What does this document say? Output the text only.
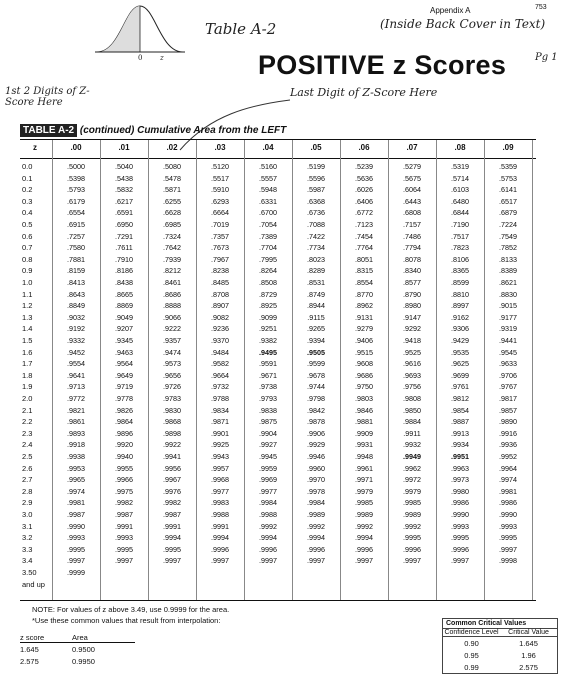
0	z
Appendix A	753
Table A-2	(Inside Back Cover in Text)
POSITIVE z Scores	Pg 1
Last Digit of Z-Score Here
1st 2 Digits of Z-Score Here
TABLE A-2 (continued) Cumulative Area from the LEFT
z	.00	.01	.02	.03	.04	.05	.06	.07	.08	.09
0.0	.5000	.5040	.5080	.5120	.5160	.5199	.5239	.5279	.5319	.5359
0.1	.5398	.5438	.5478	.5517	.5557	.5596	.5636	.5675	.5714	.5753
0.2	.5793	.5832	.5871	.5910	.5948	.5987	.6026	.6064	.6103	.6141
0.3	.6179	.6217	.6255	.6293	.6331	.6368	.6406	.6443	.6480	.6517
0.4	.6554	.6591	.6628	.6664	.6700	.6736	.6772	.6808	.6844	.6879
0.5	.6915	.6950	.6985	.7019	.7054	.7088	.7123	.7157	.7190	.7224
0.6	.7257	.7291	.7324	.7357	.7389	.7422	.7454	.7486	.7517	.7549
0.7	.7580	.7611	.7642	.7673	.7704	.7734	.7764	.7794	.7823	.7852
0.8	.7881	.7910	.7939	.7967	.7995	.8023	.8051	.8078	.8106	.8133
0.9	.8159	.8186	.8212	.8238	.8264	.8289	.8315	.8340	.8365	.8389
1.0	.8413	.8438	.8461	.8485	.8508	.8531	.8554	.8577	.8599	.8621
1.1	.8643	.8665	.8686	.8708	.8729	.8749	.8770	.8790	.8810	.8830
1.2	.8849	.8869	.8888	.8907	.8925	.8944	.8962	.8980	.8997	.9015
1.3	.9032	.9049	.9066	.9082	.9099	.9115	.9131	.9147	.9162	.9177
1.4	.9192	.9207	.9222	.9236	.9251	.9265	.9279	.9292	.9306	.9319
1.5	.9332	.9345	.9357	.9370	.9382	.9394	.9406	.9418	.9429	.9441
1.6	.9452	.9463	.9474	.9484	.9495	.9505	.9515	.9525	.9535	.9545
1.7	.9554	.9564	.9573	.9582	.9591	.9599	.9608	.9616	.9625	.9633
1.8	.9641	.9649	.9656	.9664	.9671	.9678	.9686	.9693	.9699	.9706
1.9	.9713	.9719	.9726	.9732	.9738	.9744	.9750	.9756	.9761	.9767
2.0	.9772	.9778	.9783	.9788	.9793	.9798	.9803	.9808	.9812	.9817
2.1	.9821	.9826	.9830	.9834	.9838	.9842	.9846	.9850	.9854	.9857
2.2	.9861	.9864	.9868	.9871	.9875	.9878	.9881	.9884	.9887	.9890
2.3	.9893	.9896	.9898	.9901	.9904	.9906	.9909	.9911	.9913	.9916
2.4	.9918	.9920	.9922	.9925	.9927	.9929	.9931	.9932	.9934	.9936
2.5	.9938	.9940	.9941	.9943	.9945	.9946	.9948	.9949	.9951	.9952
2.6	.9953	.9955	.9956	.9957	.9959	.9960	.9961	.9962	.9963	.9964
2.7	.9965	.9966	.9967	.9968	.9969	.9970	.9971	.9972	.9973	.9974
2.8	.9974	.9975	.9976	.9977	.9977	.9978	.9979	.9979	.9980	.9981
2.9	.9981	.9982	.9982	.9983	.9984	.9984	.9985	.9985	.9986	.9986
3.0	.9987	.9987	.9987	.9988	.9988	.9989	.9989	.9989	.9990	.9990
3.1	.9990	.9991	.9991	.9991	.9992	.9992	.9992	.9992	.9993	.9993
3.2	.9993	.9993	.9994	.9994	.9994	.9994	.9994	.9995	.9995	.9995
3.3	.9995	.9995	.9995	.9996	.9996	.9996	.9996	.9996	.9996	.9997
3.4	.9997	.9997	.9997	.9997	.9997	.9997	.9997	.9997	.9997	.9998
3.50	.9999
and up
NOTE: For values of z above 3.49, use 0.9999 for the area.
*Use these common values that result from interpolation:
z score	Area
1.645	0.9500
2.575	0.9950
Common Critical Values
Confidence Level	Critical Value
0.90	1.645
0.95	1.96
0.99	2.575
